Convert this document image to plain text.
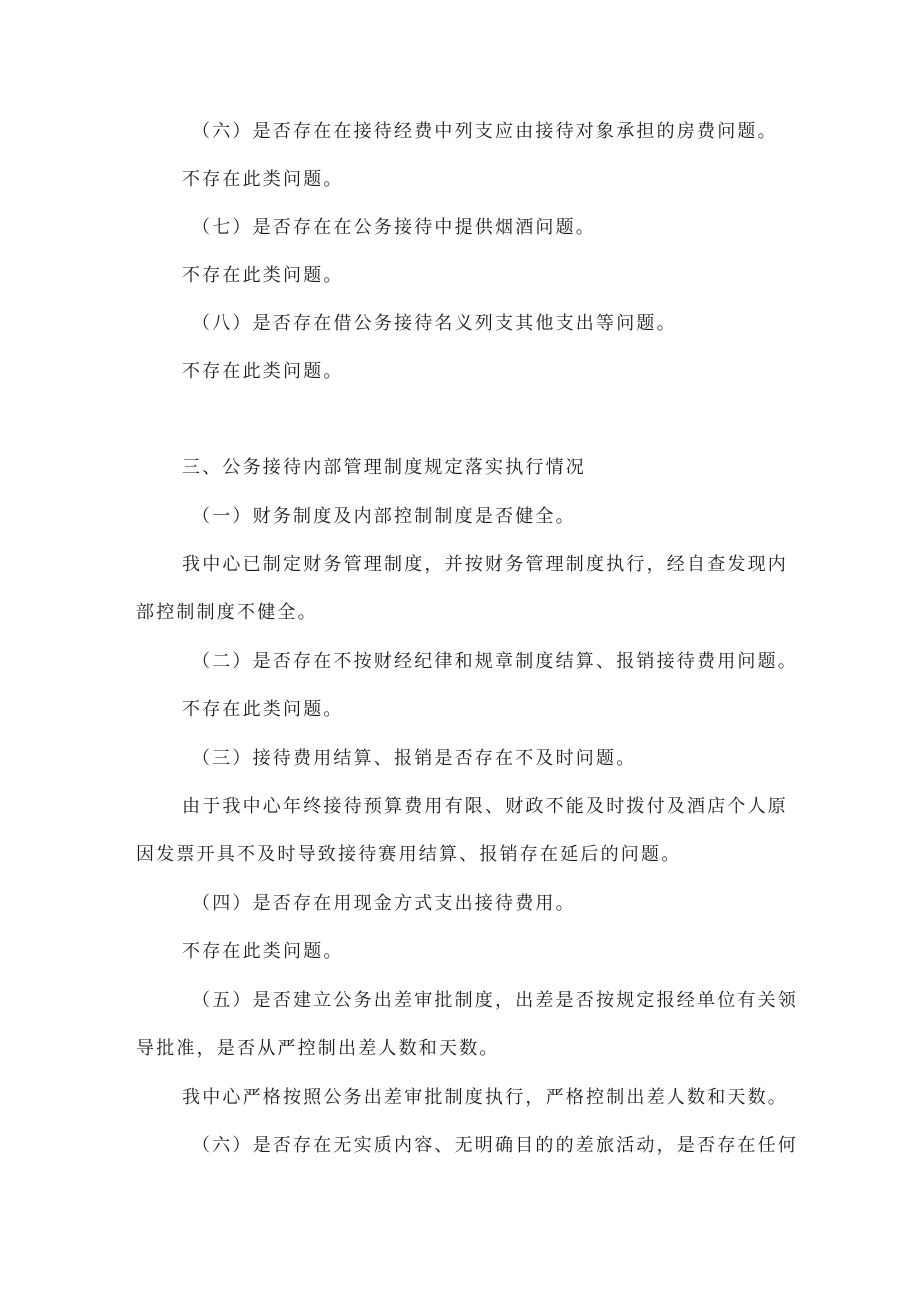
（六）是否存在在接待经费中列支应由接待对象承担的房费问题。
不存在此类问题。
（七）是否存在在公务接待中提供烟酒问题。
不存在此类问题。
（八）是否存在借公务接待名义列支其他支出等问题。
不存在此类问题。
三、公务接待内部管理制度规定落实执行情况
（一）财务制度及内部控制制度是否健全。
我中心已制定财务管理制度，并按财务管理制度执行，经自查发现内
部控制制度不健全。
（二）是否存在不按财经纪律和规章制度结算、报销接待费用问题。
不存在此类问题。
（三）接待费用结算、报销是否存在不及时问题。
由于我中心年终接待预算费用有限、财政不能及时拨付及酒店个人原
因发票开具不及时导致接待赛用结算、报销存在延后的问题。
（四）是否存在用现金方式支出接待费用。
不存在此类问题。
（五）是否建立公务出差审批制度，出差是否按规定报经单位有关领
导批准，是否从严控制出差人数和天数。
我中心严格按照公务出差审批制度执行，严格控制出差人数和天数。
（六）是否存在无实质内容、无明确目的的差旅活动，是否存在任何
